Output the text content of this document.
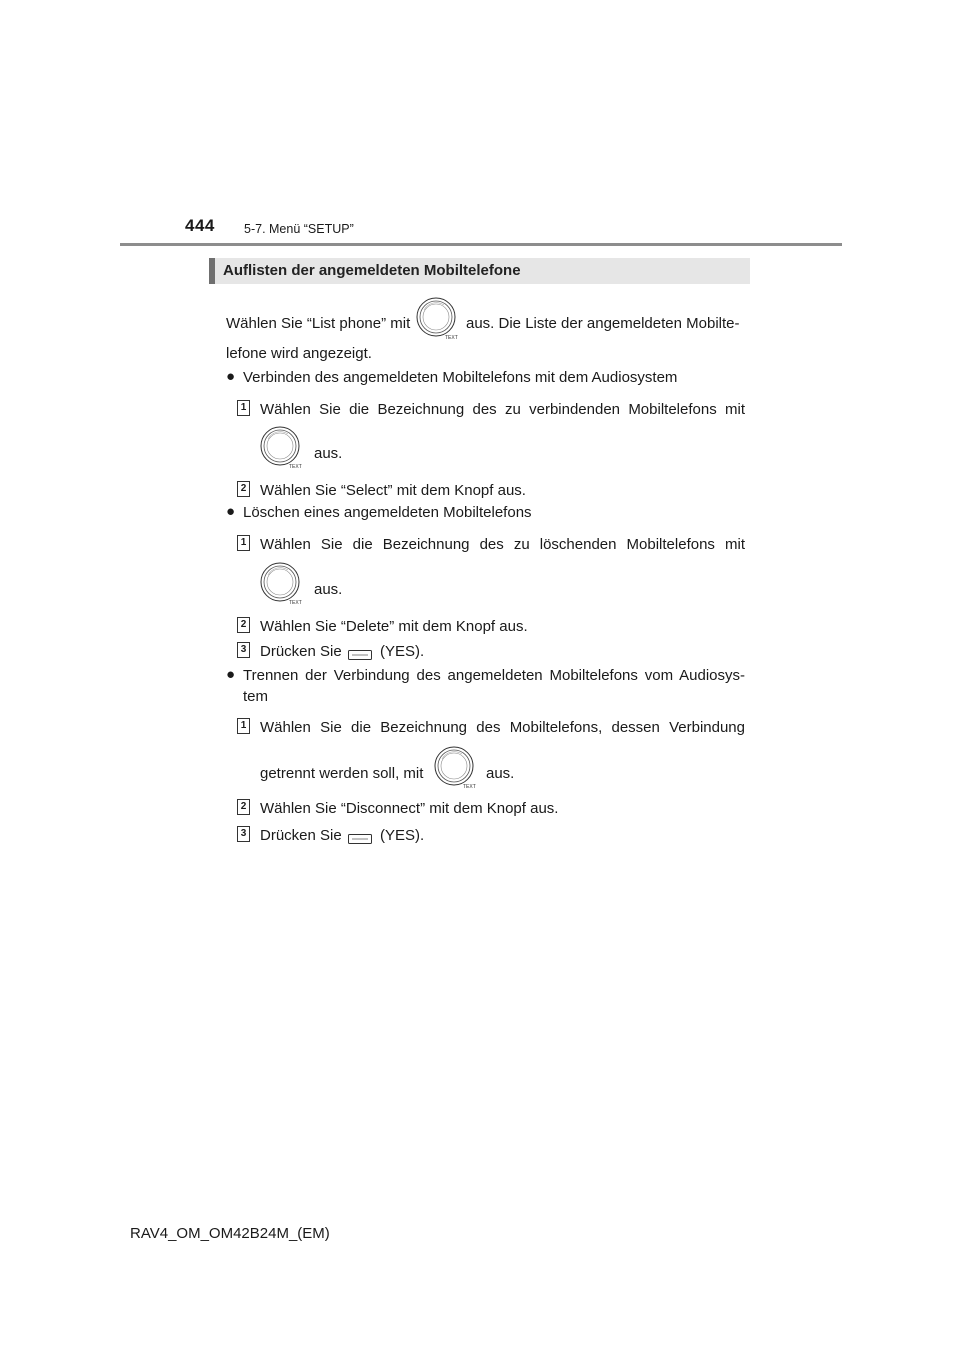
444 5-7. Menü “SETUP”
Auflisten der angemeldeten Mobiltelefone
Wählen Sie “List phone” mit
TEXT
aus. Die Liste der angemeldeten Mobilte-
lefone wird angezeigt.
● Verbinden des angemeldeten Mobiltelefons mit dem Audiosystem
1 Wählen Sie die Bezeichnung des zu verbindenden Mobiltelefons mit
TEXT
aus.
2 Wählen Sie “Select” mit dem Knopf aus.
● Löschen eines angemeldeten Mobiltelefons
1 Wählen Sie die Bezeichnung des zu löschenden Mobiltelefons mit
TEXT
aus.
2 Wählen Sie “Delete” mit dem Knopf aus.
3 Drücken Sie	(YES).
● Trennen der Verbindung des angemeldeten Mobiltelefons vom Audiosys-
tem
1 Wählen Sie die Bezeichnung des Mobiltelefons, dessen Verbindung
getrennt werden soll, mit
TEXT
aus.
2 Wählen Sie “Disconnect” mit dem Knopf aus.
3 Drücken Sie	(YES).
RAV4_OM_OM42B24M_(EM)
